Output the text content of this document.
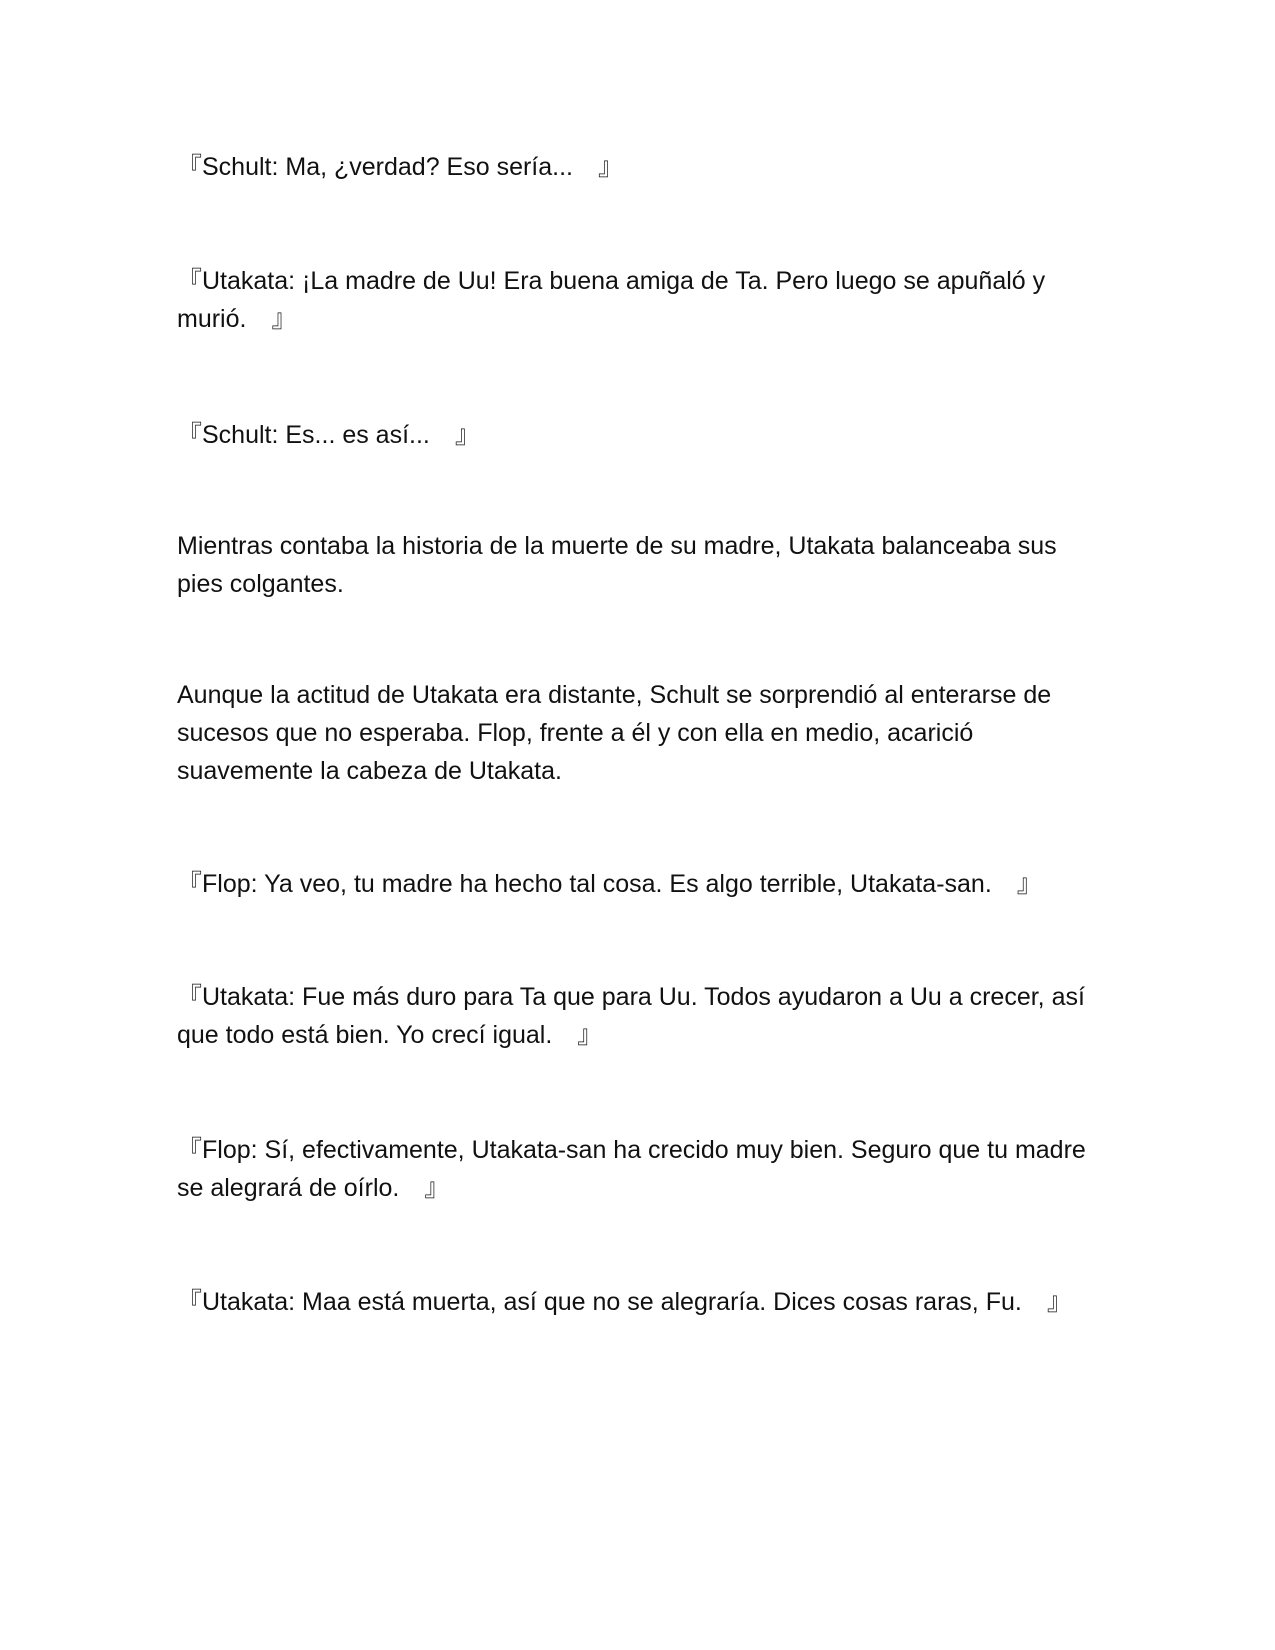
『Schult: Ma, ¿verdad? Eso sería...　』

『Utakata: ¡La madre de Uu! Era buena amiga de Ta. Pero luego se apuñaló y murió.　』

『Schult: Es... es así...　』

Mientras contaba la historia de la muerte de su madre, Utakata balanceaba sus pies colgantes.

Aunque la actitud de Utakata era distante, Schult se sorprendió al enterarse de sucesos que no esperaba. Flop, frente a él y con ella en medio, acarició suavemente la cabeza de Utakata.

『Flop: Ya veo, tu madre ha hecho tal cosa. Es algo terrible, Utakata-san.　』

『Utakata: Fue más duro para Ta que para Uu. Todos ayudaron a Uu a crecer, así que todo está bien. Yo crecí igual.　』

『Flop: Sí, efectivamente, Utakata-san ha crecido muy bien. Seguro que tu madre se alegrará de oírlo.　』

『Utakata: Maa está muerta, así que no se alegraría. Dices cosas raras, Fu.　』
